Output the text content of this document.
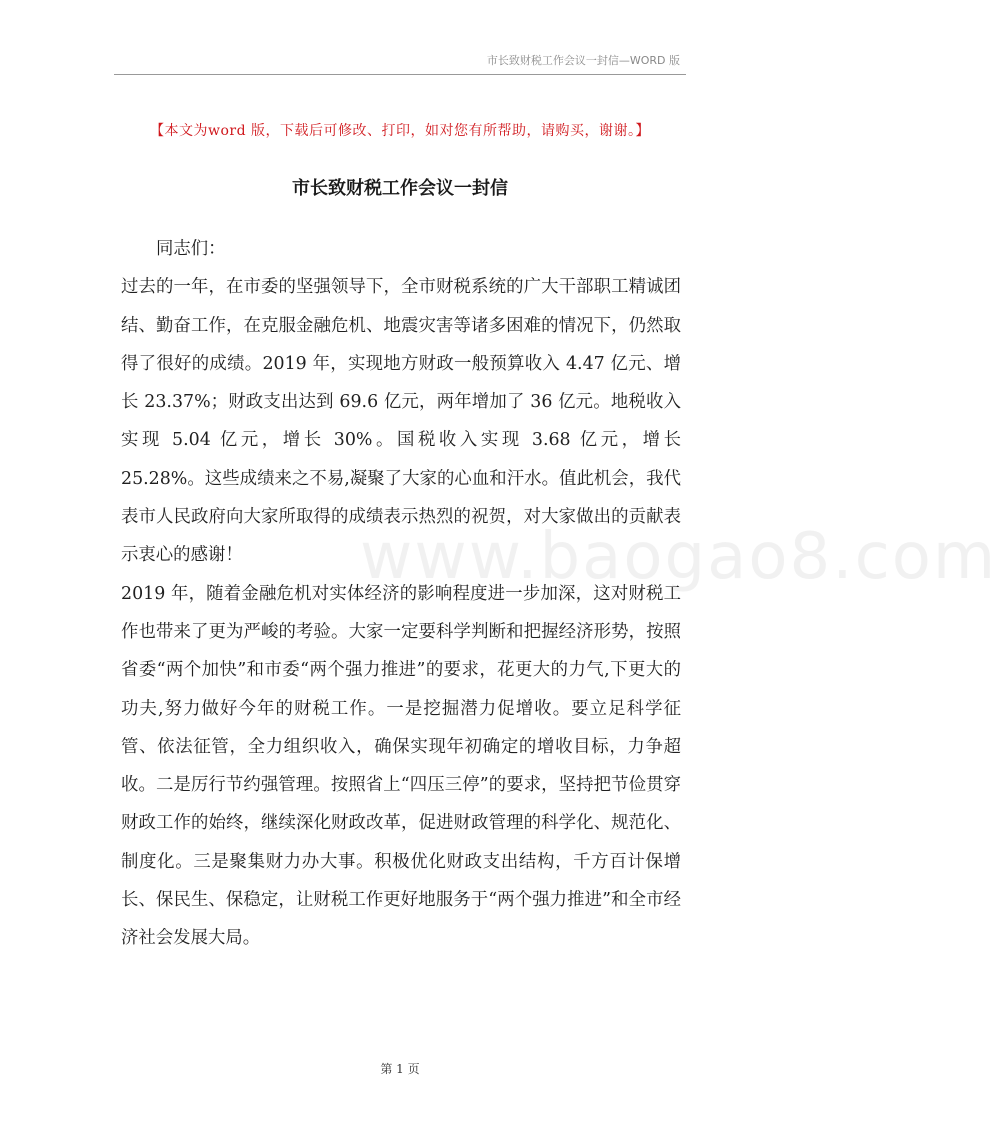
市长致财税工作会议一封信—WORD 版
【本文为word 版，下载后可修改、打印，如对您有所帮助，请购买，谢谢。】
市长致财税工作会议一封信
www.baogao8.com

同志们：

过去的一年，在市委的坚强领导下，全市财税系统的广大干部职工精诚团结、勤奋工作，在克服金融危机、地震灾害等诸多困难的情况下，仍然取得了很好的成绩。2019 年，实现地方财政一般预算收入 4.47 亿元、增长 23.37%；财政支出达到 69.6 亿元，两年增加了 36 亿元。地税收入实现 5.04 亿元，增长 30%。国税收入实现 3.68 亿元，增长 25.28%。这些成绩来之不易,凝聚了大家的心血和汗水。值此机会，我代表市人民政府向大家所取得的成绩表示热烈的祝贺，对大家做出的贡献表示衷心的感谢！

2019 年，随着金融危机对实体经济的影响程度进一步加深，这对财税工作也带来了更为严峻的考验。大家一定要科学判断和把握经济形势，按照省委“两个加快”和市委“两个强力推进”的要求，花更大的力气,下更大的功夫,努力做好今年的财税工作。一是挖掘潜力促增收。要立足科学征管、依法征管，全力组织收入，确保实现年初确定的增收目标，力争超收。二是厉行节约强管理。按照省上“四压三停”的要求，坚持把节俭贯穿财政工作的始终，继续深化财政改革，促进财政管理的科学化、规范化、制度化。三是聚集财力办大事。积极优化财政支出结构，千方百计保增长、保民生、保稳定，让财税工作更好地服务于“两个强力推进”和全市经济社会发展大局。

第 1 页
